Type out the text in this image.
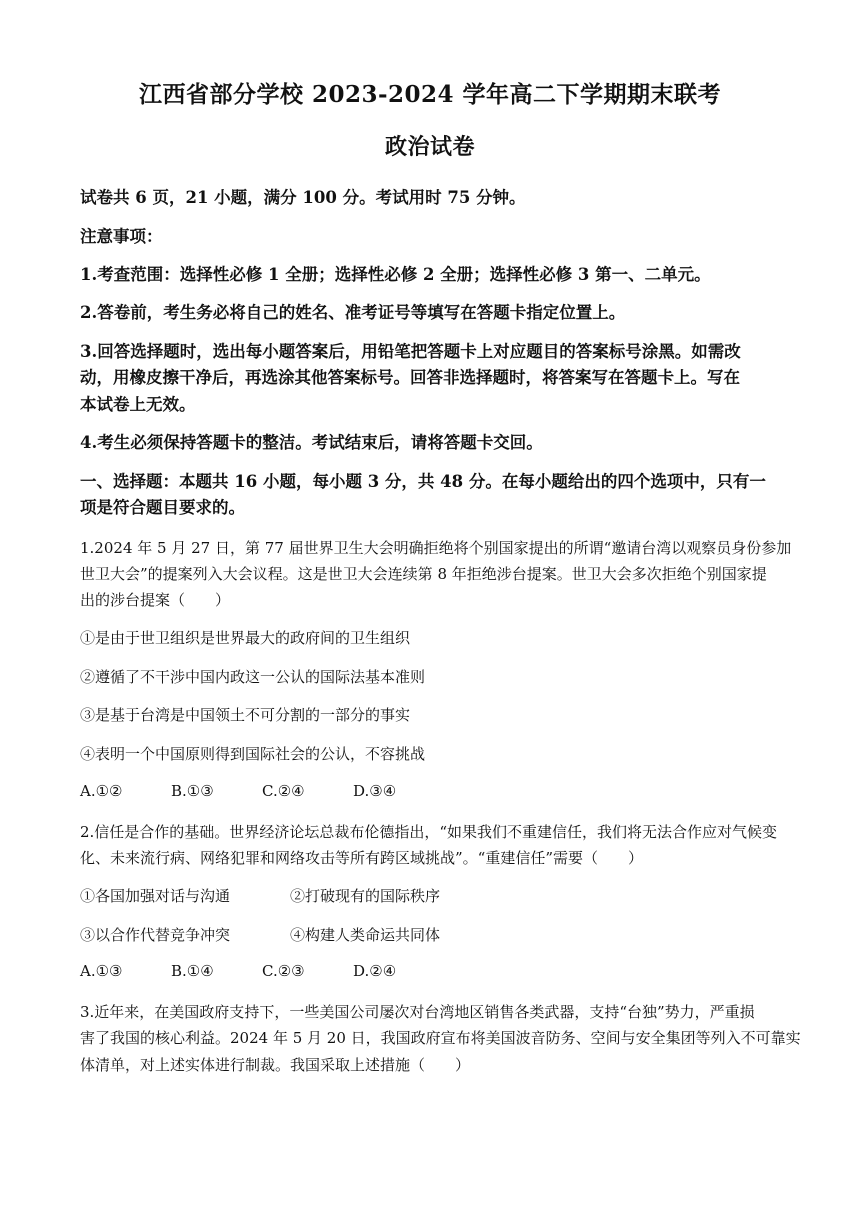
江西省部分学校 2023-2024 学年高二下学期期末联考
政治试卷
试卷共 6 页，21 小题，满分 100 分。考试用时 75 分钟。
注意事项：
1.考查范围：选择性必修 1 全册；选择性必修 2 全册；选择性必修 3 第一、二单元。
2.答卷前，考生务必将自己的姓名、准考证号等填写在答题卡指定位置上。
3.回答选择题时，选出每小题答案后，用铅笔把答题卡上对应题目的答案标号涂黑。如需改
动，用橡皮擦干净后，再选涂其他答案标号。回答非选择题时，将答案写在答题卡上。写在
本试卷上无效。
4.考生必须保持答题卡的整洁。考试结束后，请将答题卡交回。
一、选择题：本题共 16 小题，每小题 3 分，共 48 分。在每小题给出的四个选项中，只有一
项是符合题目要求的。
1.2024 年 5 月 27 日，第 77 届世界卫生大会明确拒绝将个别国家提出的所谓“邀请台湾以观察员身份参加
世卫大会”的提案列入大会议程。这是世卫大会连续第 8 年拒绝涉台提案。世卫大会多次拒绝个别国家提
出的涉台提案（　　）
①是由于世卫组织是世界最大的政府间的卫生组织
②遵循了不干涉中国内政这一公认的国际法基本准则
③是基于台湾是中国领土不可分割的一部分的事实
④表明一个中国原则得到国际社会的公认，不容挑战
A.①②	B.①③	C.②④	D.③④
2.信任是合作的基础。世界经济论坛总裁布伦德指出，“如果我们不重建信任，我们将无法合作应对气候变
化、未来流行病、网络犯罪和网络攻击等所有跨区域挑战”。“重建信任”需要（　　）
①各国加强对话与沟通	②打破现有的国际秩序
③以合作代替竞争冲突	④构建人类命运共同体
A.①③	B.①④	C.②③	D.②④
3.近年来，在美国政府支持下，一些美国公司屡次对台湾地区销售各类武器，支持“台独”势力，严重损
害了我国的核心利益。2024 年 5 月 20 日，我国政府宣布将美国波音防务、空间与安全集团等列入不可靠实
体清单，对上述实体进行制裁。我国采取上述措施（　　）
